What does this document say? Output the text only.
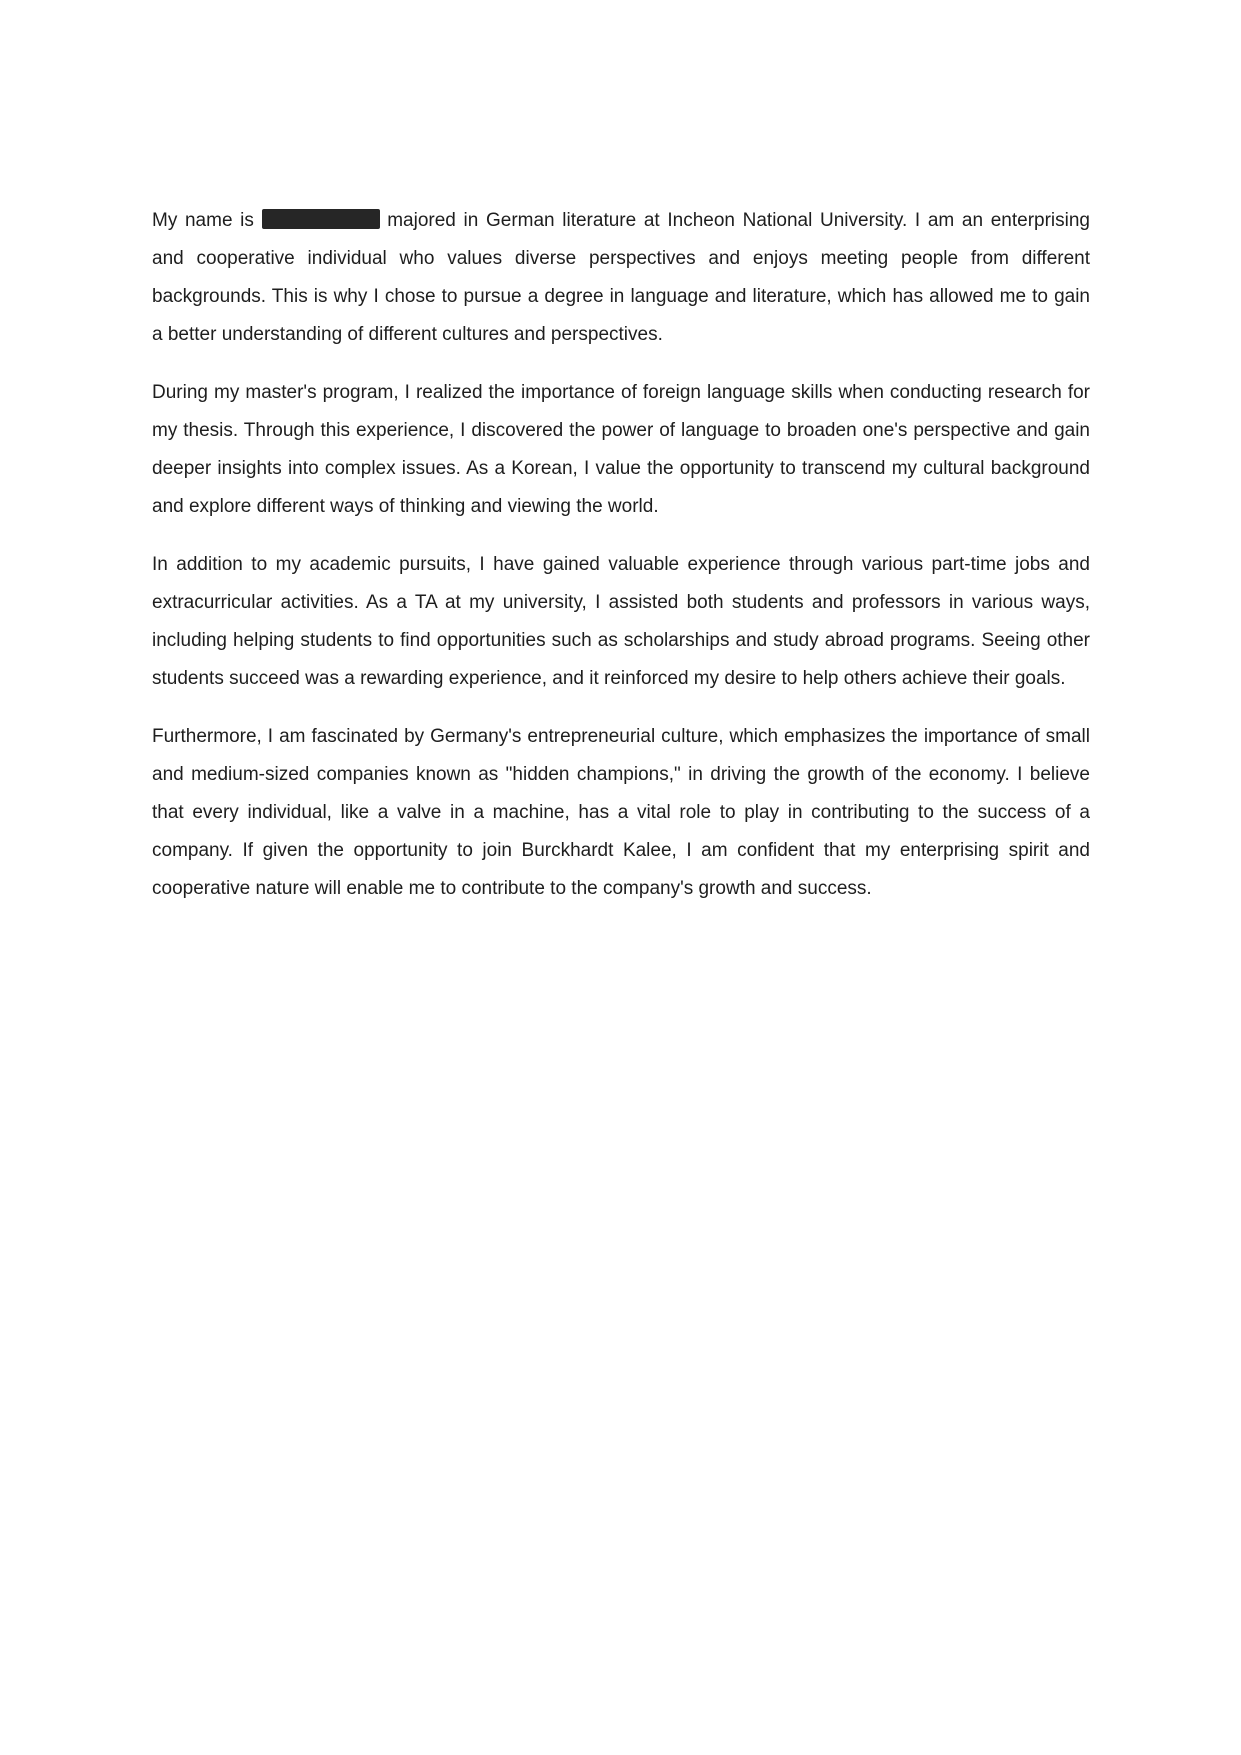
My name is	majored in German literature at Incheon National University. I am an enterprising and cooperative individual who values diverse perspectives and enjoys meeting people from different backgrounds. This is why I chose to pursue a degree in language and literature, which has allowed me to gain a better understanding of different cultures and perspectives.

During my master's program, I realized the importance of foreign language skills when conducting research for my thesis. Through this experience, I discovered the power of language to broaden one's perspective and gain deeper insights into complex issues. As a Korean, I value the opportunity to transcend my cultural background and explore different ways of thinking and viewing the world.

In addition to my academic pursuits, I have gained valuable experience through various part-time jobs and extracurricular activities. As a TA at my university, I assisted both students and professors in various ways, including helping students to find opportunities such as scholarships and study abroad programs. Seeing other students succeed was a rewarding experience, and it reinforced my desire to help others achieve their goals.

Furthermore, I am fascinated by Germany's entrepreneurial culture, which emphasizes the importance of small and medium-sized companies known as "hidden champions," in driving the growth of the economy. I believe that every individual, like a valve in a machine, has a vital role to play in contributing to the success of a company. If given the opportunity to join Burckhardt Kalee, I am confident that my enterprising spirit and cooperative nature will enable me to contribute to the company's growth and success.
